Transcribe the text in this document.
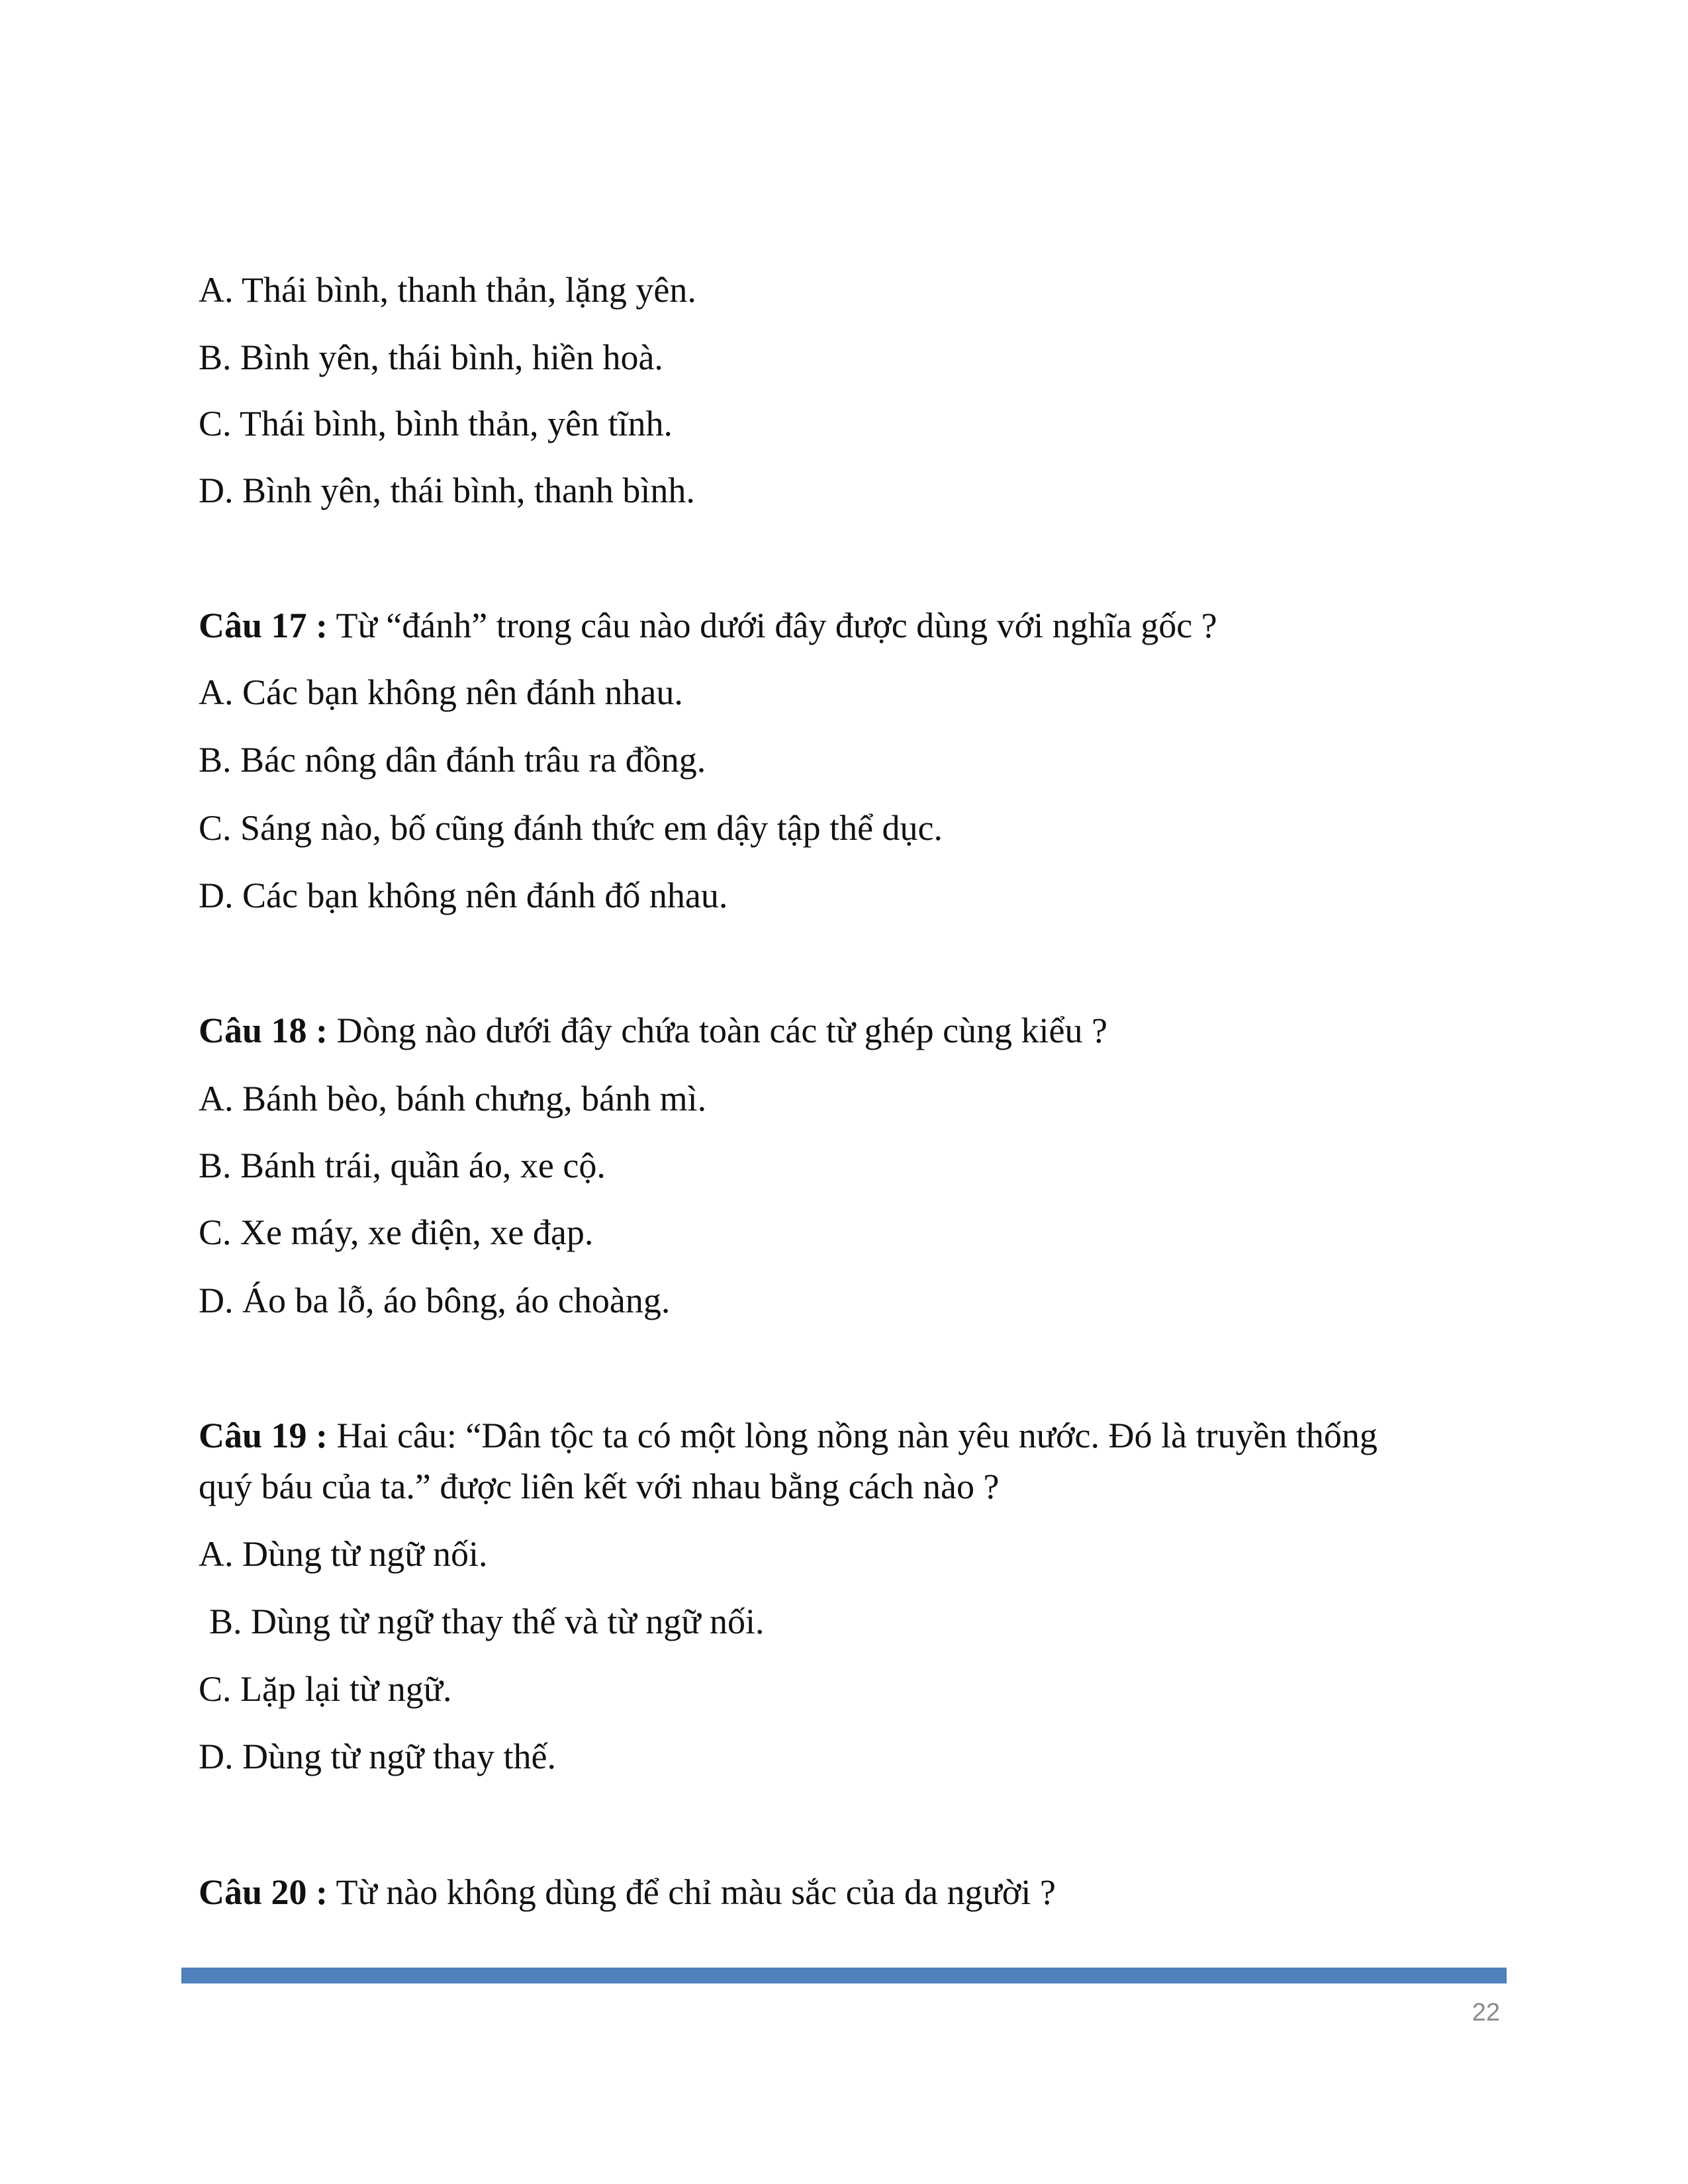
A. Thái bình, thanh thản, lặng yên.
B. Bình yên, thái bình, hiền hoà.
C. Thái bình, bình thản, yên tĩnh.
D. Bình yên, thái bình, thanh bình.
Câu 17 : Từ “đánh” trong câu nào dưới đây được dùng với nghĩa gốc ?
A. Các bạn không nên đánh nhau.
B. Bác nông dân đánh trâu ra đồng.
C. Sáng nào, bố cũng đánh thức em dậy tập thể dục.
D. Các bạn không nên đánh đố nhau.
Câu 18 : Dòng nào dưới đây chứa toàn các từ ghép cùng kiểu ?
A. Bánh bèo, bánh chưng, bánh mì.
B. Bánh trái, quần áo, xe cộ.
C. Xe máy, xe điện, xe đạp.
D. Áo ba lỗ, áo bông, áo choàng.
Câu 19 : Hai câu: “Dân tộc ta có một lòng nồng nàn yêu nước. Đó là truyền thống
quý báu của ta.” được liên kết với nhau bằng cách nào ?
A. Dùng từ ngữ nối.
B. Dùng từ ngữ thay thế và từ ngữ nối.
C. Lặp lại từ ngữ.
D. Dùng từ ngữ thay thế.
Câu 20 : Từ nào không dùng để chỉ màu sắc của da người ?
22
